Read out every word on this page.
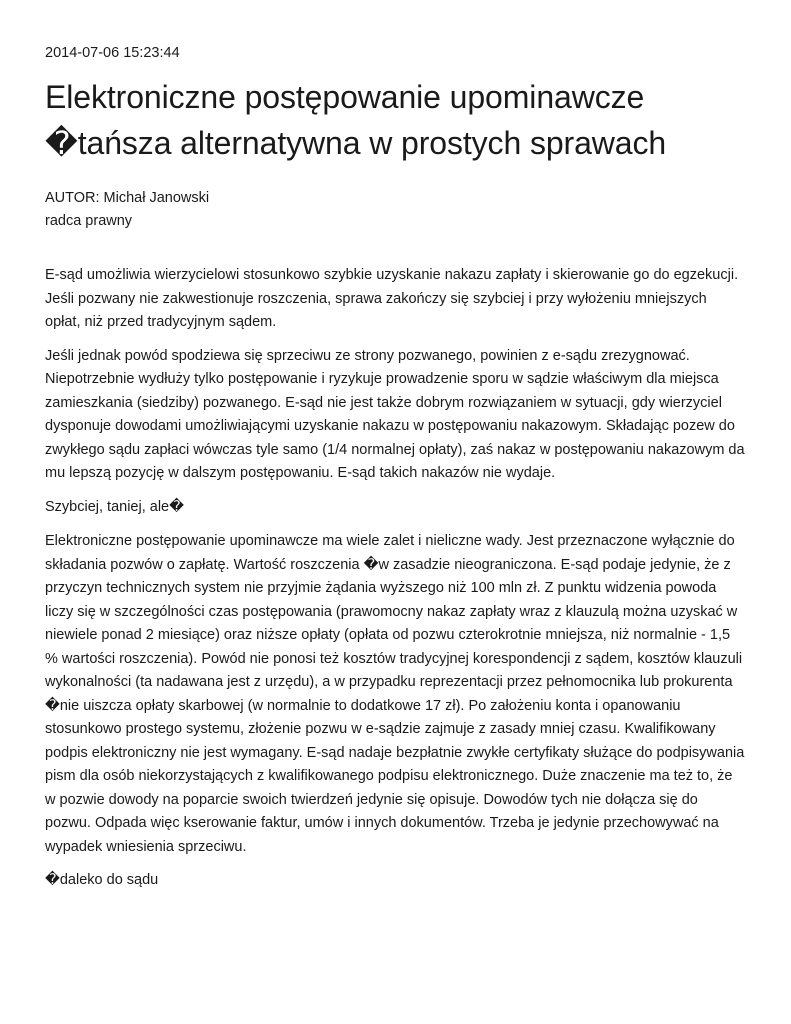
2014-07-06 15:23:44
Elektroniczne postępowanie upominawcze �tańsza alternatywna w prostych sprawach
AUTOR: Michał Janowski
radca prawny

E-sąd umożliwia wierzycielowi stosunkowo szybkie uzyskanie nakazu zapłaty i skierowanie go do egzekucji. Jeśli pozwany nie zakwestionuje roszczenia, sprawa zakończy się szybciej i przy wyłożeniu mniejszych opłat, niż przed tradycyjnym sądem.

Jeśli jednak powód spodziewa się sprzeciwu ze strony pozwanego, powinien z e-sądu zrezygnować. Niepotrzebnie wydłuży tylko postępowanie i ryzykuje prowadzenie sporu w sądzie właściwym dla miejsca zamieszkania (siedziby) pozwanego. E-sąd nie jest także dobrym rozwiązaniem w sytuacji, gdy wierzyciel dysponuje dowodami umożliwiającymi uzyskanie nakazu w postępowaniu nakazowym. Składając pozew do zwykłego sądu zapłaci wówczas tyle samo (1/4 normalnej opłaty), zaś nakaz w postępowaniu nakazowym da mu lepszą pozycję w dalszym postępowaniu. E-sąd takich nakazów nie wydaje.

Szybciej, taniej, ale�

Elektroniczne postępowanie upominawcze ma wiele zalet i nieliczne wady. Jest przeznaczone wyłącznie do składania pozwów o zapłatę. Wartość roszczenia �w zasadzie nieograniczona. E-sąd podaje jedynie, że z przyczyn technicznych system nie przyjmie żądania wyższego niż 100 mln zł. Z punktu widzenia powoda liczy się w szczególności czas postępowania (prawomocny nakaz zapłaty wraz z klauzulą można uzyskać w niewiele ponad 2 miesiące) oraz niższe opłaty (opłata od pozwu czterokrotnie mniejsza, niż normalnie - 1,5 % wartości roszczenia). Powód nie ponosi też kosztów tradycyjnej korespondencji z sądem, kosztów klauzuli wykonalności (ta nadawana jest z urzędu), a w przypadku reprezentacji przez pełnomocnika lub prokurenta �nie uiszcza opłaty skarbowej (w normalnie to dodatkowe 17 zł). Po założeniu konta i opanowaniu stosunkowo prostego systemu, złożenie pozwu w e-sądzie zajmuje z zasady mniej czasu. Kwalifikowany podpis elektroniczny nie jest wymagany. E-sąd nadaje bezpłatnie zwykłe certyfikaty służące do podpisywania pism dla osób niekorzystających z kwalifikowanego podpisu elektronicznego. Duże znaczenie ma też to, że w pozwie dowody na poparcie swoich twierdzeń jedynie się opisuje. Dowodów tych nie dołącza się do pozwu. Odpada więc kserowanie faktur, umów i innych dokumentów. Trzeba je jedynie przechowywać na wypadek wniesienia sprzeciwu.

�daleko do sądu
